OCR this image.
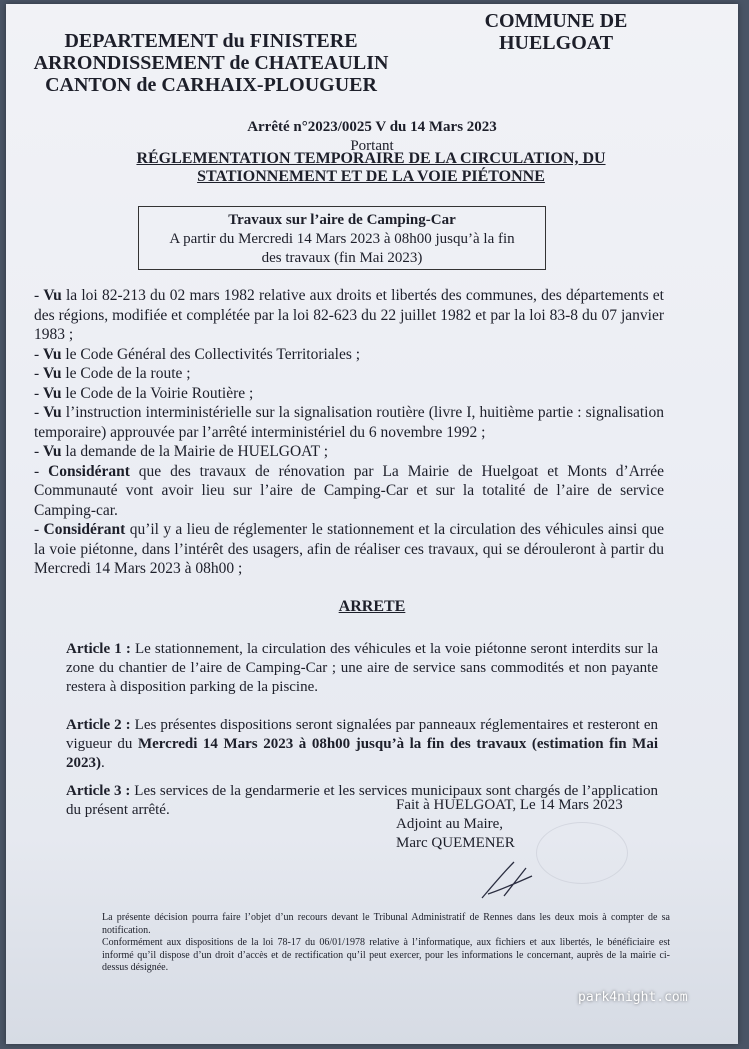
DEPARTEMENT du FINISTERE
ARRONDISSEMENT de CHATEAULIN
CANTON de CARHAIX-PLOUGUER
COMMUNE DE
HUELGOAT
Arrêté n°2023/0025 V du 14 Mars 2023
Portant
RÉGLEMENTATION TEMPORAIRE DE LA CIRCULATION, DU STATIONNEMENT ET DE LA VOIE PIÉTONNE
Travaux sur l’aire de Camping-Car
A partir du Mercredi 14 Mars 2023 à 08h00 jusqu’à la fin
des travaux (fin Mai 2023)

- Vu la loi 82-213 du 02 mars 1982 relative aux droits et libertés des communes, des départements et des régions, modifiée et complétée par la loi 82-623 du 22 juillet 1982 et par la loi 83-8 du 07 janvier 1983 ;

- Vu le Code Général des Collectivités Territoriales ;

- Vu le Code de la route ;

- Vu le Code de la Voirie Routière ;

- Vu l’instruction interministérielle sur la signalisation routière (livre I, huitième partie : signalisation temporaire) approuvée par l’arrêté interministériel du 6 novembre 1992 ;

- Vu la demande de la Mairie de HUELGOAT ;

- Considérant que des travaux de rénovation par La Mairie de Huelgoat et Monts d’Arrée Communauté vont avoir lieu sur l’aire de Camping-Car et sur la totalité de l’aire de service Camping-car.

- Considérant qu’il y a lieu de réglementer le stationnement et la circulation des véhicules ainsi que la voie piétonne, dans l’intérêt des usagers, afin de réaliser ces travaux, qui se dérouleront à partir du Mercredi 14 Mars 2023 à 08h00 ;

ARRETE

Article 1 : Le stationnement, la circulation des véhicules et la voie piétonne seront interdits sur la zone du chantier de l’aire de Camping-Car ; une aire de service sans commodités et non payante restera à disposition parking de la piscine.

Article 2 : Les présentes dispositions seront signalées par panneaux réglementaires et resteront en vigueur du Mercredi 14 Mars 2023 à 08h00 jusqu’à la fin des travaux (estimation fin Mai 2023).

Article 3 : Les services de la gendarmerie et les services municipaux sont chargés de l’application du présent arrêté.	Fait à HUELGOAT, Le 14 Mars 2023
Adjoint au Maire,
Marc QUEMENER

La présente décision pourra faire l’objet d’un recours devant le Tribunal Administratif de Rennes dans les deux mois à compter de sa notification.

Conformément aux dispositions de la loi 78-17 du 06/01/1978 relative à l’informatique, aux fichiers et aux libertés, le bénéficiaire est informé qu’il dispose d’un droit d’accès et de rectification qu’il peut exercer, pour les informations le concernant, auprès de la mairie ci-dessus désignée.

park4night.com
